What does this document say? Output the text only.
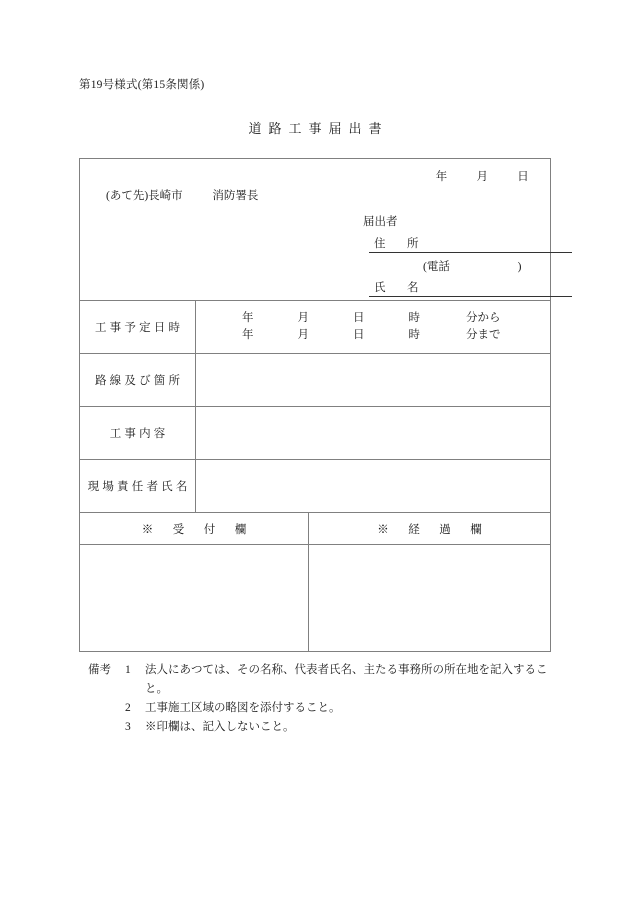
第19号様式(第15条関係)
道路工事届出書
年	月	日
(あて先)長崎市	消防署長
届出者
住　所
(電話	)
氏　名
工事予定日時
年	月	日	時	分から
年	月	日	時	分まで
路線及び箇所
工事内容
現場責任者氏名
※　受　付　欄	※　経　過　欄
備考	1	法人にあつては、その名称、代表者氏名、主たる事務所の所在地を記入するこ
と。
2	工事施工区域の略図を添付すること。
3	※印欄は、記入しないこと。
